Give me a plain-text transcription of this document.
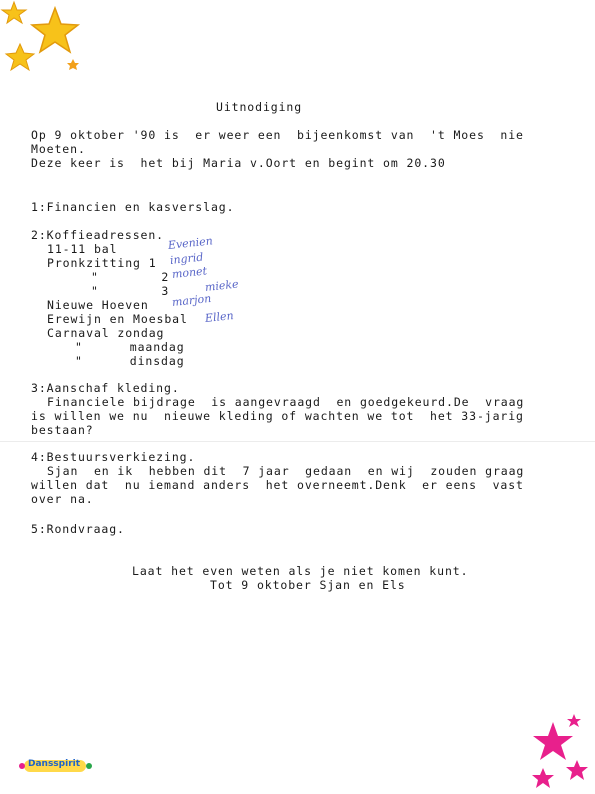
Dansspirit
Uitnodiging
Op 9 oktober '90 is  er weer een  bijeenkomst van  't Moes  nie
Moeten.
Deze keer is  het bij Maria v.Oort en begint om 20.30
1:Financien en kasverslag.
2:Koffieadressen.
11-11 bal
Pronkzitting 1
"        2
"        3
Nieuwe Hoeven
Erewijn en Moesbal
Carnaval zondag
"      maandag
"      dinsdag
Evenien
ingrid
monet
mieke
marjon
Ellen
3:Aanschaf kleding.
Financiele bijdrage  is aangevraagd  en goedgekeurd.De  vraag
is willen we nu  nieuwe kleding of wachten we tot  het 33-jarig
bestaan?
4:Bestuursverkiezing.
Sjan  en ik  hebben dit  7 jaar  gedaan  en wij  zouden graag
willen dat  nu iemand anders  het overneemt.Denk  er eens  vast
over na.
5:Rondvraag.
Laat het even weten als je niet komen kunt.
Tot 9 oktober Sjan en Els
